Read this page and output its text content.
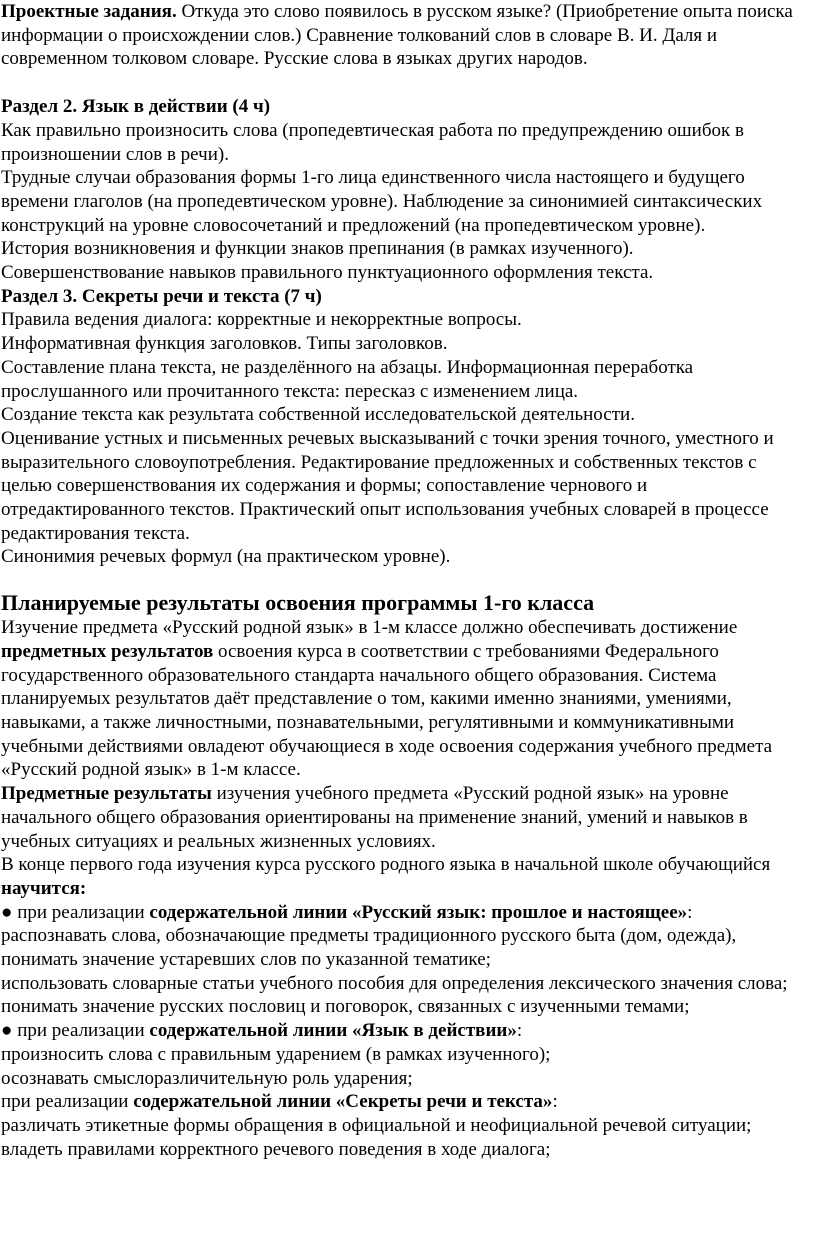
Проектные задания. Откуда это слово появилось в русском языке? (Приобретение опыта поиска информации о происхождении слов.) Сравнение толкований слов в словаре В. И. Даля и современном толковом словаре. Русские слова в языках других народов.

Раздел 2. Язык в действии (4 ч)

Как правильно произносить слова (пропедевтическая работа по предупреждению ошибок в произношении слов в речи).

Трудные случаи образования формы 1-го лица единственного числа настоящего и будущего времени глаголов (на пропедевтическом уровне). Наблюдение за синонимией синтаксических конструкций на уровне словосочетаний и предложений (на пропедевтическом уровне).

История возникновения и функции знаков препинания (в рамках изученного).

Совершенствование навыков правильного пунктуационного оформления текста.

Раздел 3. Секреты речи и текста (7 ч)

Правила ведения диалога: корректные и некорректные вопросы.

Информативная функция заголовков. Типы заголовков.

Составление плана текста, не разделённого на абзацы. Информационная переработка прослушанного или прочитанного текста: пересказ с изменением лица.

Создание текста как результата собственной исследовательской деятельности.

Оценивание устных и письменных речевых высказываний с точки зрения точного, уместного и выразительного словоупотребления. Редактирование предложенных и собственных текстов с целью совершенствования их содержания и формы; сопоставление чернового и отредактированного текстов. Практический опыт использования учебных словарей в процессе редактирования текста.

Синонимия речевых формул (на практическом уровне).

Планируемые результаты освоения программы 1-го класса

Изучение предмета «Русский родной язык» в 1-м классе должно обеспечивать достижение предметных результатов освоения курса в соответствии с требованиями Федерального государственного образовательного стандарта начального общего образования. Система планируемых результатов даёт представление о том, какими именно знаниями, умениями, навыками, а также личностными, познавательными, регулятивными и коммуникативными учебными действиями овладеют обучающиеся в ходе освоения содержания учебного предмета «Русский родной язык» в 1-м классе.

Предметные результаты изучения учебного предмета «Русский родной язык» на уровне начального общего образования ориентированы на применение знаний, умений и навыков в учебных ситуациях и реальных жизненных условиях.

В конце первого года изучения курса русского родного языка в начальной школе обучающийся научится:

● при реализации содержательной линии «Русский язык: прошлое и настоящее»:

распознавать слова, обозначающие предметы традиционного русского быта (дом, одежда), понимать значение устаревших слов по указанной тематике;

использовать словарные статьи учебного пособия для определения лексического значения слова;

понимать значение русских пословиц и поговорок, связанных с изученными темами;

● при реализации содержательной линии «Язык в действии»:

произносить слова с правильным ударением (в рамках изученного);

осознавать смыслоразличительную роль ударения;

при реализации содержательной линии «Секреты речи и текста»:

различать этикетные формы обращения в официальной и неофициальной речевой ситуации;

владеть правилами корректного речевого поведения в ходе диалога;
